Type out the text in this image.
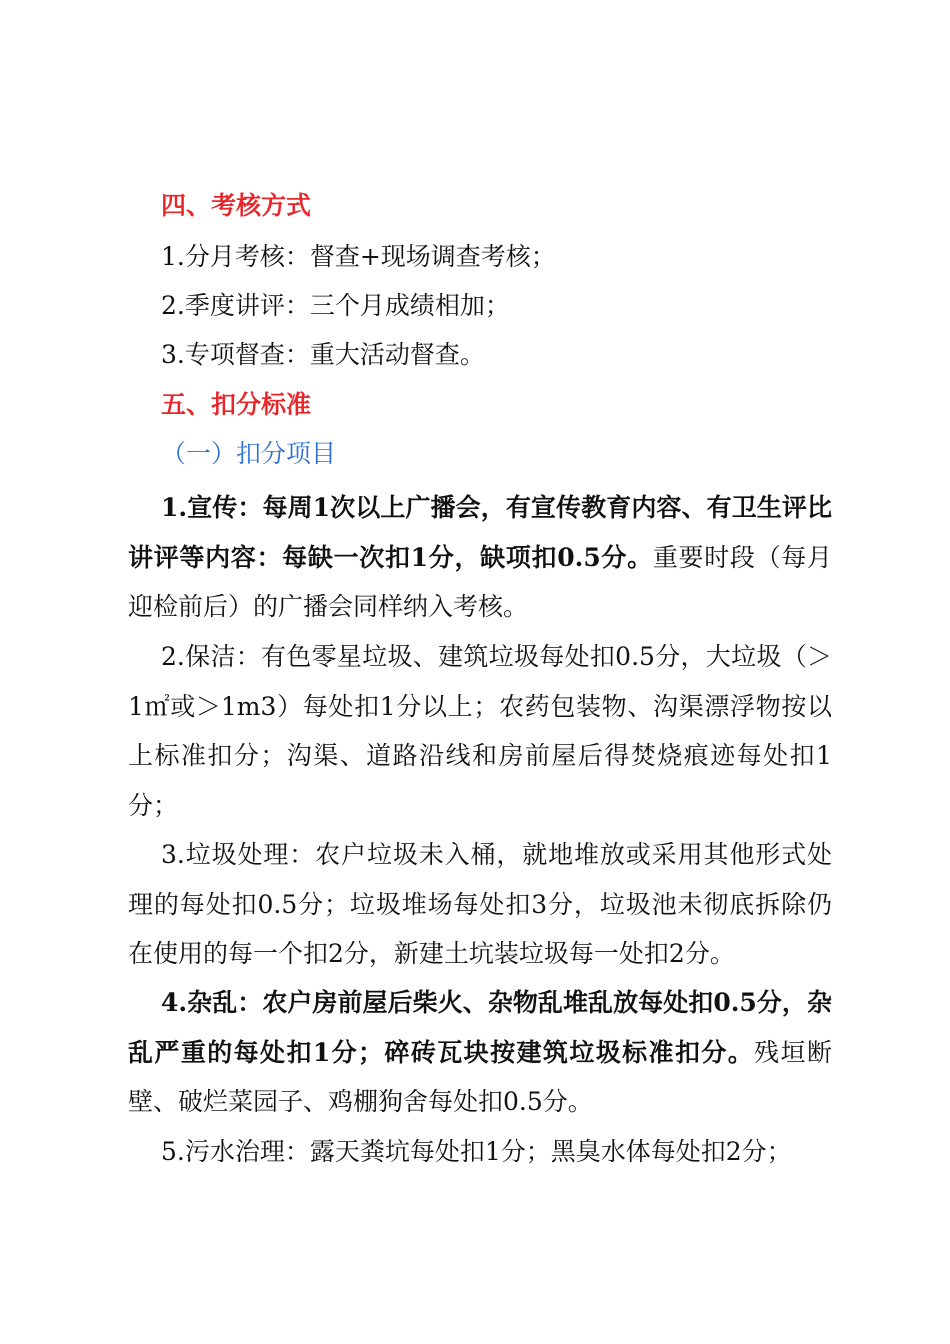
四、考核方式
1.分月考核：督查+现场调查考核；
2.季度讲评：三个月成绩相加；
3.专项督查：重大活动督查。
五、扣分标准
（一）扣分项目
1.宣传：每周1次以上广播会，有宣传教育内容、有卫生评比讲评等内容：每缺一次扣1分，缺项扣0.5分。重要时段（每月迎检前后）的广播会同样纳入考核。
2.保洁：有色零星垃圾、建筑垃圾每处扣0.5分，大垃圾（＞1㎡或＞1m3）每处扣1分以上；农药包装物、沟渠漂浮物按以上标准扣分；沟渠、道路沿线和房前屋后得焚烧痕迹每处扣1分；
3.垃圾处理：农户垃圾未入桶，就地堆放或采用其他形式处理的每处扣0.5分；垃圾堆场每处扣3分，垃圾池未彻底拆除仍在使用的每一个扣2分，新建土坑装垃圾每一处扣2分。
4.杂乱：农户房前屋后柴火、杂物乱堆乱放每处扣0.5分，杂乱严重的每处扣1分；碎砖瓦块按建筑垃圾标准扣分。残垣断壁、破烂菜园子、鸡棚狗舍每处扣0.5分。
5.污水治理：露天粪坑每处扣1分；黑臭水体每处扣2分；
